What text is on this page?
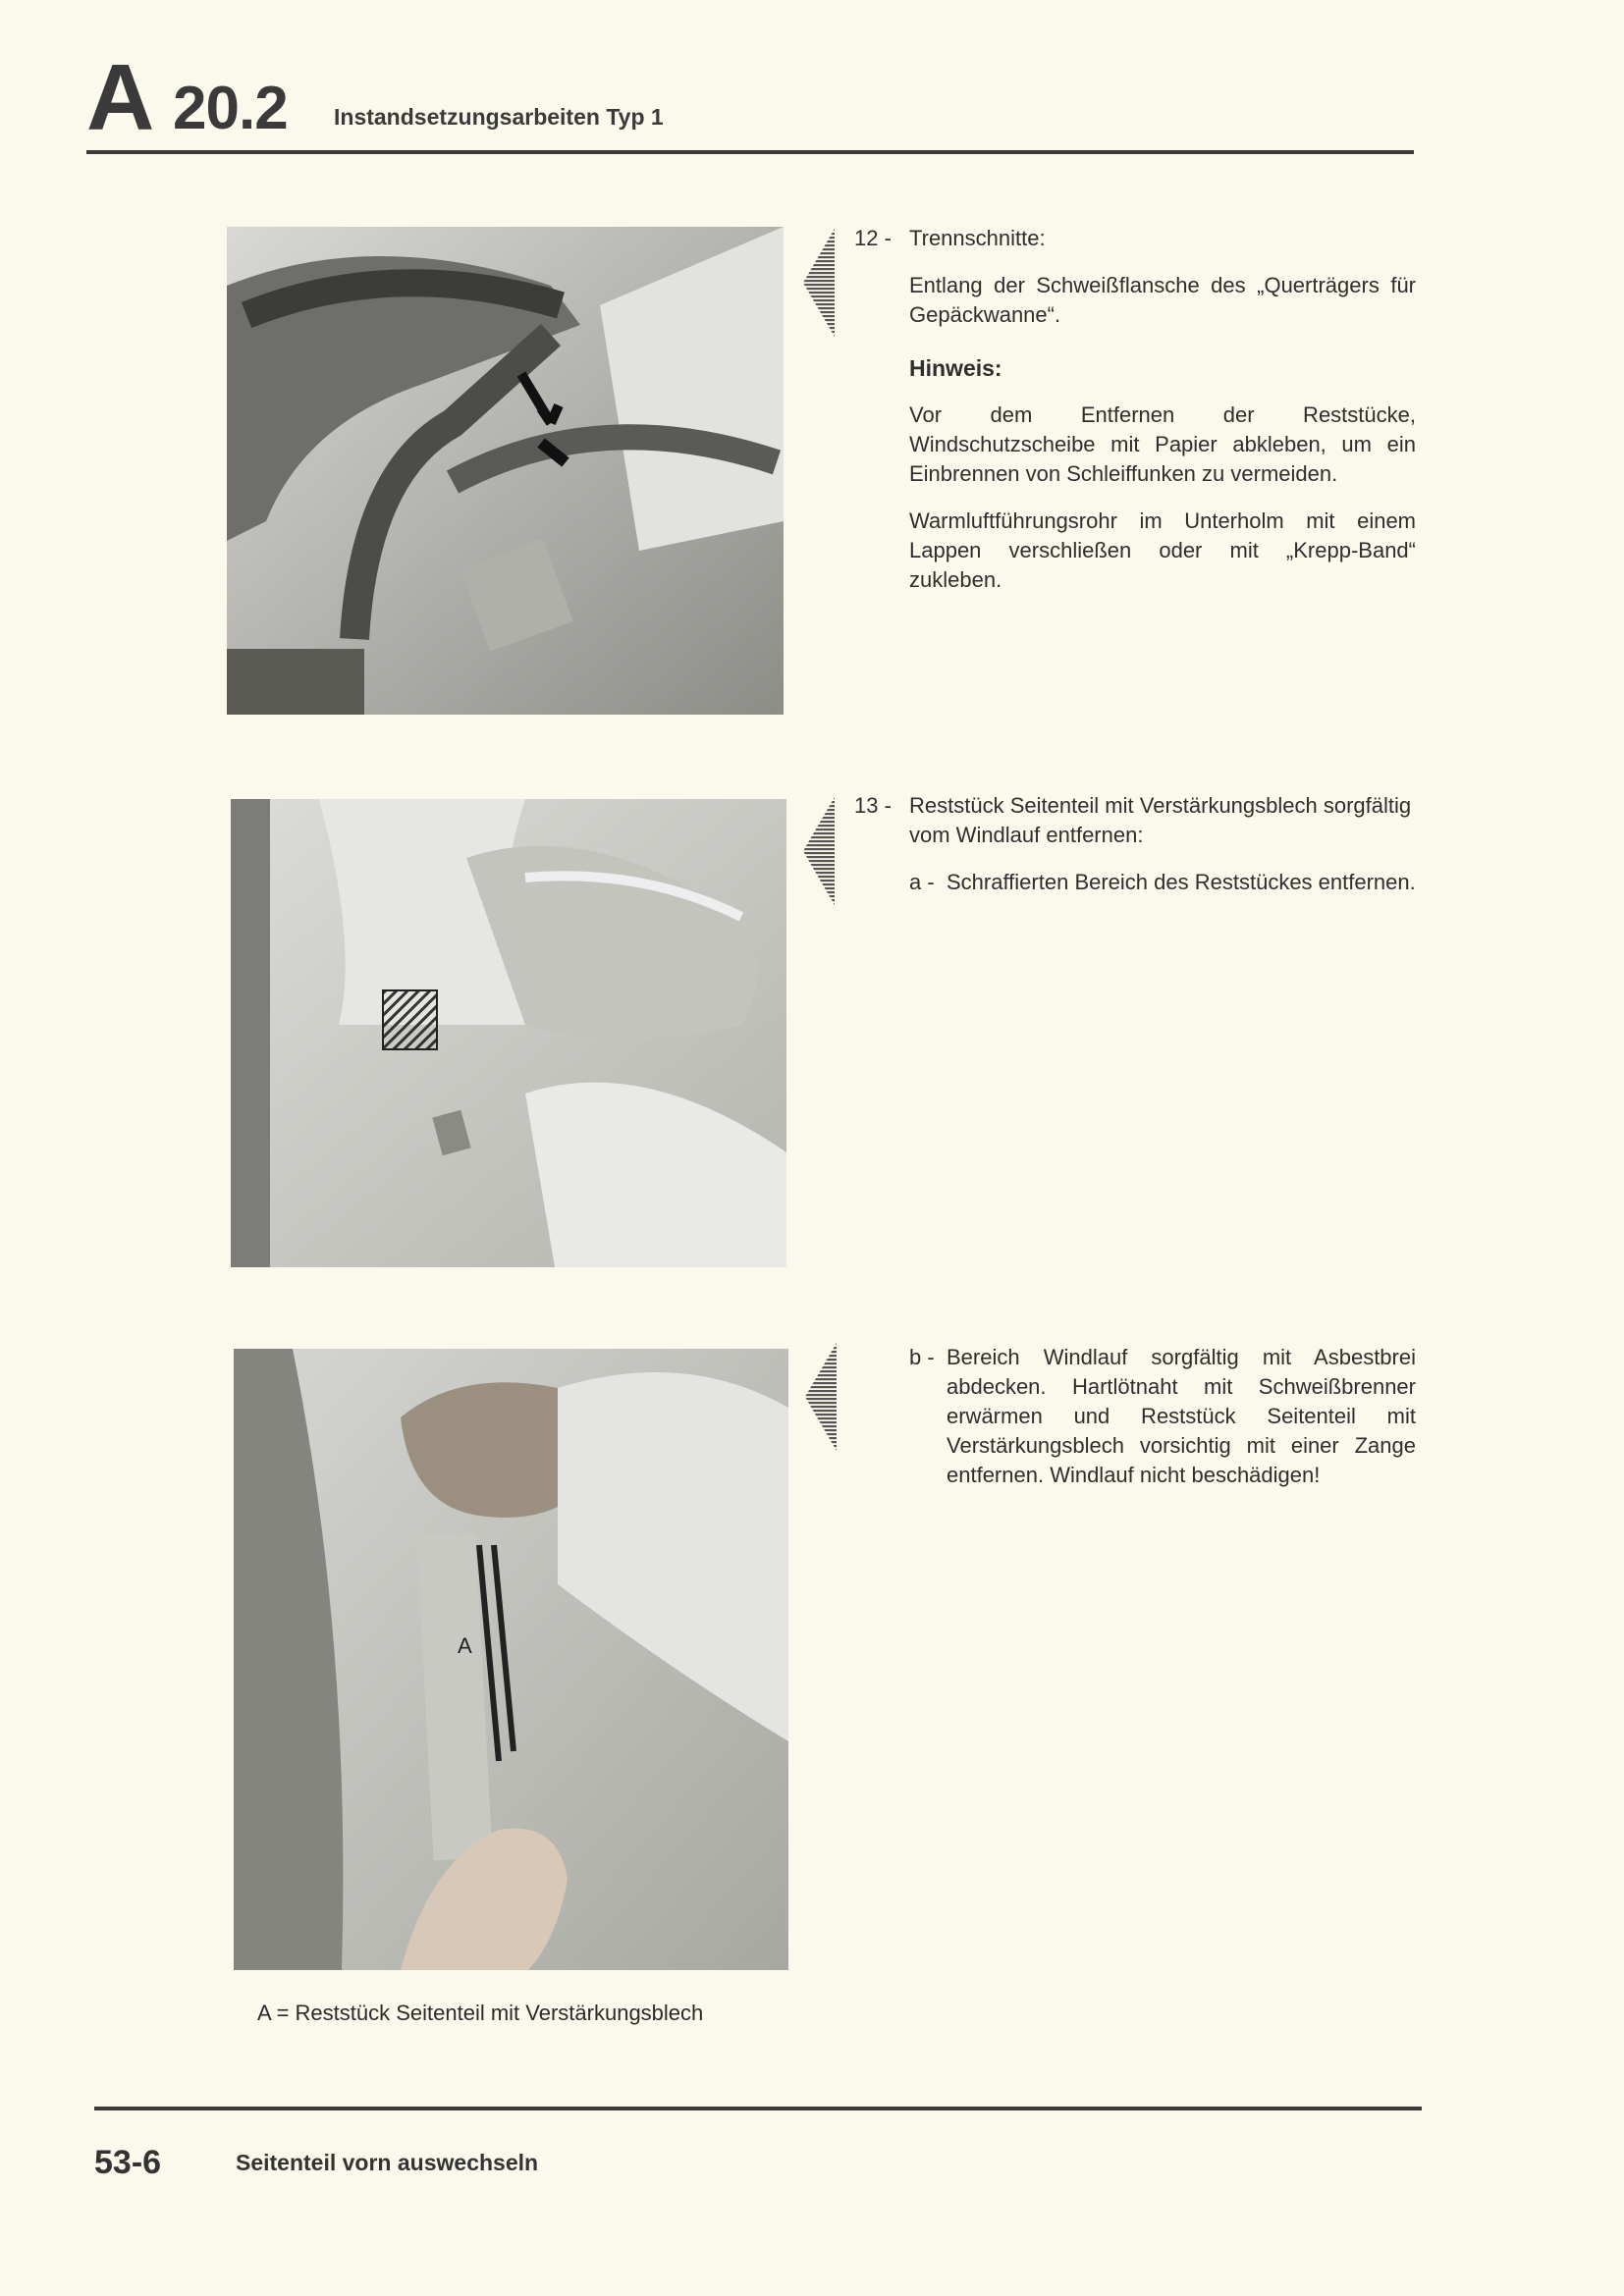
A 20.2 Instandsetzungsarbeiten Typ 1
12 - Trennschnitte:
Entlang der Schweißflansche des „Querträgers für Gepäckwanne“.
Hinweis:
Vor dem Entfernen der Reststücke, Windschutzscheibe mit Papier abkleben, um ein Einbrennen von Schleiffunken zu vermeiden.
Warmluftführungsrohr im Unterholm mit einem Lappen verschließen oder mit „Krepp-Band“ zukleben.
13 - Reststück Seitenteil mit Verstärkungsblech sorgfältig vom Windlauf entfernen:
a - Schraffierten Bereich des Reststückes entfernen.
A
b - Bereich Windlauf sorgfältig mit Asbestbrei abdecken. Hartlötnaht mit Schweißbrenner erwärmen und Reststück Seitenteil mit Verstärkungsblech vorsichtig mit einer Zange entfernen. Windlauf nicht beschädigen!
A = Reststück Seitenteil mit Verstärkungsblech
53-6	Seitenteil vorn auswechseln
